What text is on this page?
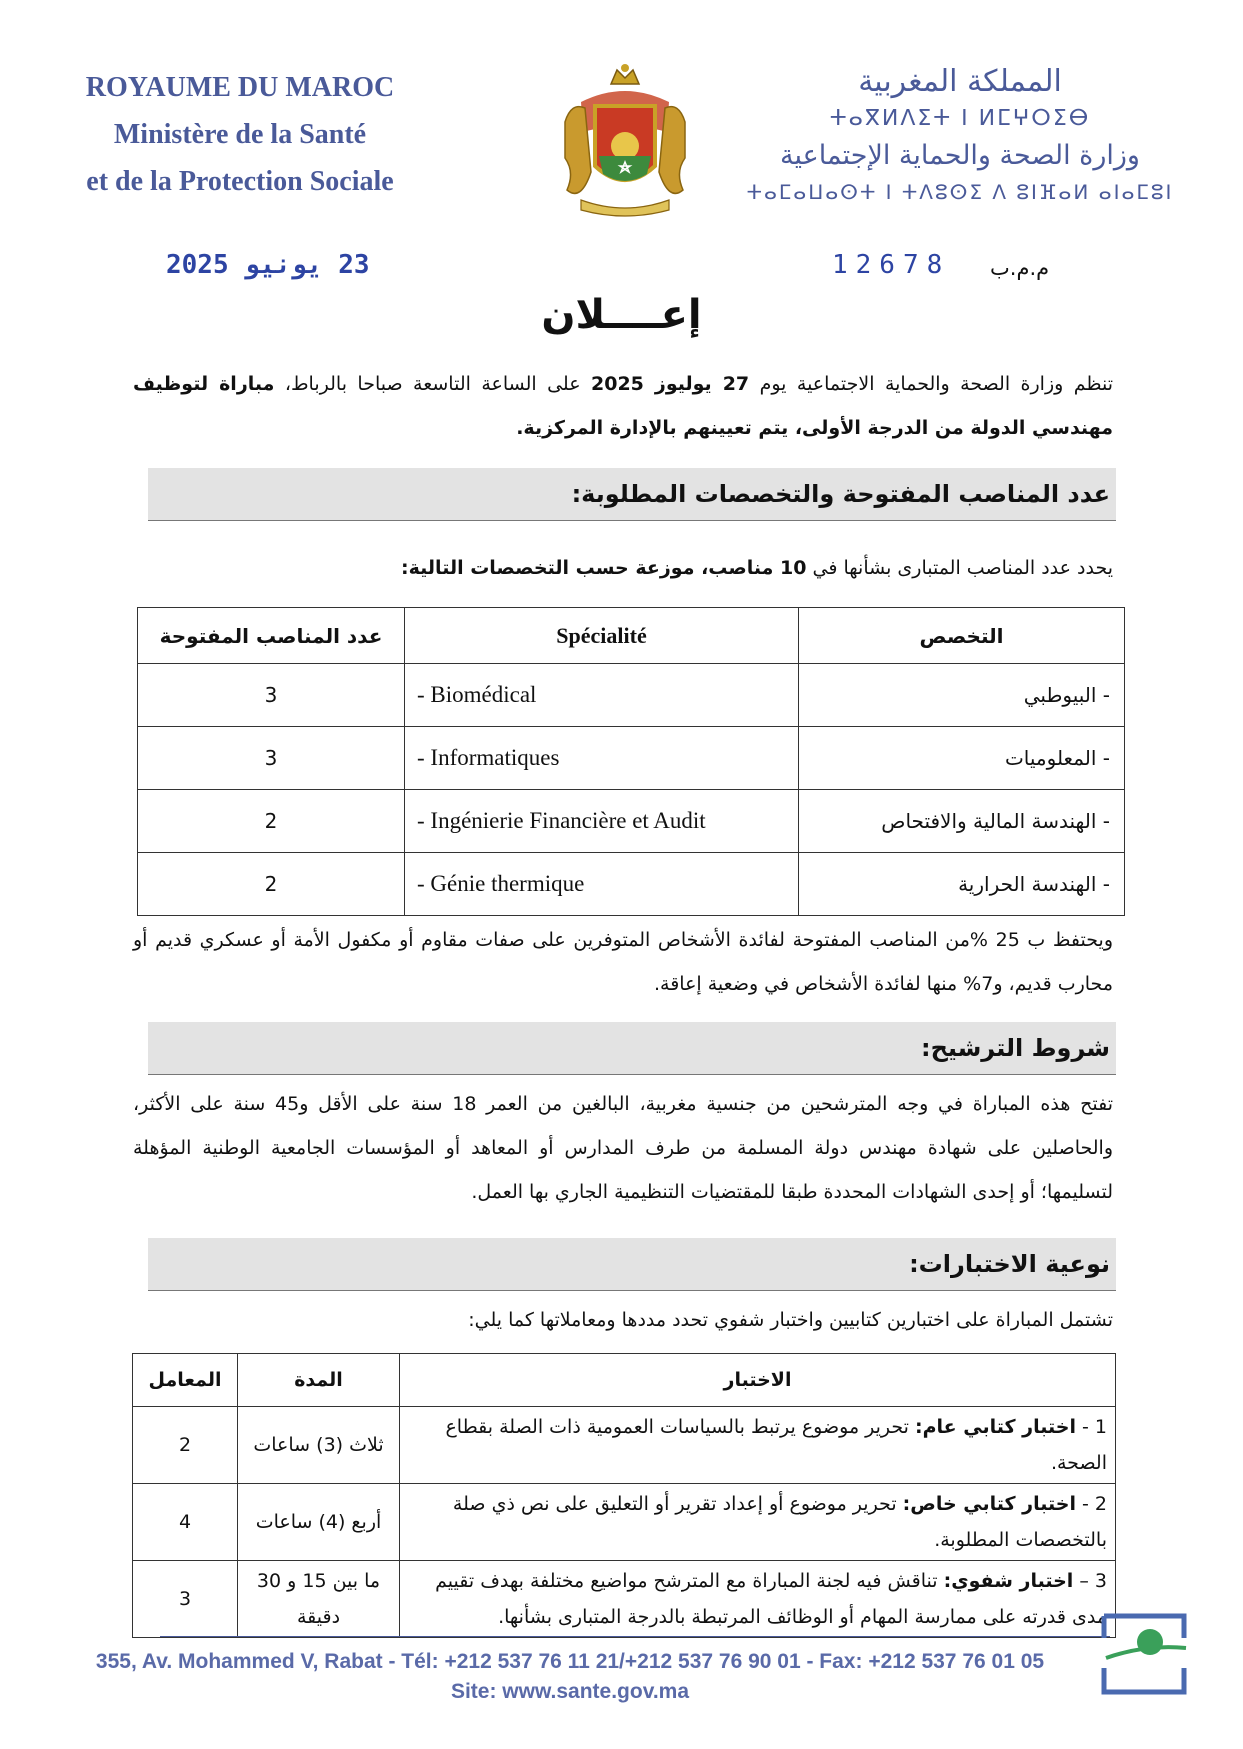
ROYAUME DU MAROC
Ministère de la Santé
et de la Protection Sociale
المملكة المغربية
ⵜⴰⴳⵍⴷⵉⵜ ⵏ ⵍⵎⵖⵔⵉⴱ
وزارة الصحة والحماية الإجتماعية
ⵜⴰⵎⴰⵡⴰⵙⵜ ⵏ ⵜⴷⵓⵙⵉ ⴷ ⵓⵏⴼⴰⵍ ⴰⵏⴰⵎⵓⵏ
23 يونيو 2025	12678 م.م.ب
إعــــلان
تنظم وزارة الصحة والحماية الاجتماعية يوم 27 يوليوز 2025 على الساعة التاسعة صباحا بالرباط، مباراة لتوظيف مهندسي الدولة من الدرجة الأولى، يتم تعيينهم بالإدارة المركزية.
عدد المناصب المفتوحة والتخصصات المطلوبة:
يحدد عدد المناصب المتبارى بشأنها في 10 مناصب، موزعة حسب التخصصات التالية:
التخصص	Spécialité	عدد المناصب المفتوحة
- البيوطبي	- Biomédical	3
- المعلوميات	- Informatiques	3
- الهندسة المالية والافتحاص	- Ingénierie Financière et Audit	2
- الهندسة الحرارية	- Génie thermique	2
ويحتفظ ب 25 %من المناصب المفتوحة لفائدة الأشخاص المتوفرين على صفات مقاوم أو مكفول الأمة أو عسكري قديم أو محارب قديم، و7% منها لفائدة الأشخاص في وضعية إعاقة.
شروط الترشيح:
تفتح هذه المباراة في وجه المترشحين من جنسية مغربية، البالغين من العمر 18 سنة على الأقل و45 سنة على الأكثر، والحاصلين على شهادة مهندس دولة المسلمة من طرف المدارس أو المعاهد أو المؤسسات الجامعية الوطنية المؤهلة لتسليمها؛ أو إحدى الشهادات المحددة طبقا للمقتضيات التنظيمية الجاري بها العمل.
نوعية الاختبارات:
تشتمل المباراة على اختبارين كتابيين واختبار شفوي تحدد مددها ومعاملاتها كما يلي:
الاختبار	المدة	المعامل
1 - اختبار كتابي عام: تحرير موضوع يرتبط بالسياسات العمومية ذات الصلة بقطاع الصحة.	ثلاث (3) ساعات	2
2 - اختبار كتابي خاص: تحرير موضوع أو إعداد تقرير أو التعليق على نص ذي صلة بالتخصصات المطلوبة.	أربع (4) ساعات	4
3 – اختبار شفوي: تناقش فيه لجنة المباراة مع المترشح مواضيع مختلفة بهدف تقييم مدى قدرته على ممارسة المهام أو الوظائف المرتبطة بالدرجة المتبارى بشأنها.	ما بين 15 و 30 دقيقة	3
355, Av. Mohammed V, Rabat - Tél: +212 537 76 11 21/+212 537 76 90 01 - Fax: +212 537 76 01 05
Site: www.sante.gov.ma
